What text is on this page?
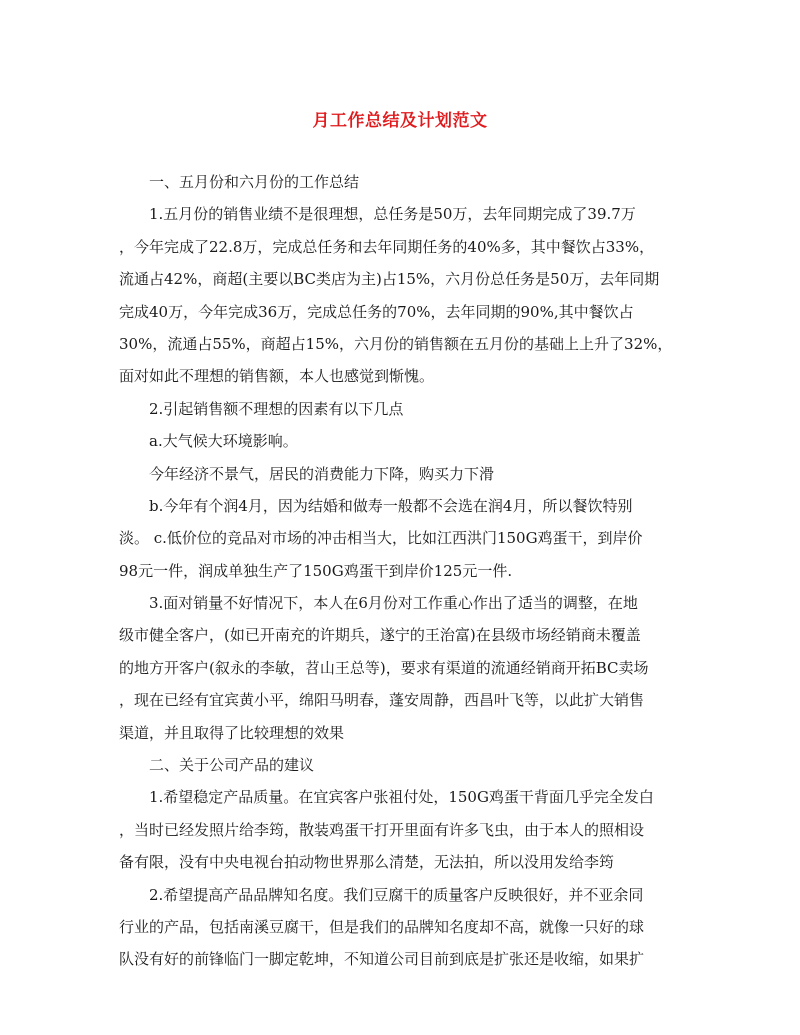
月工作总结及计划范文
一、五月份和六月份的工作总结
1.五月份的销售业绩不是很理想，总任务是50万，去年同期完成了39.7万
，今年完成了22.8万，完成总任务和去年同期任务的40%多，其中餐饮占33%，
流通占42%，商超(主要以BC类店为主)占15%，六月份总任务是50万，去年同期
完成40万，今年完成36万，完成总任务的70%，去年同期的90%,其中餐饮占
30%，流通占55%，商超占15%，六月份的销售额在五月份的基础上上升了32%，
面对如此不理想的销售额，本人也感觉到惭愧。
2.引起销售额不理想的因素有以下几点
a.大气候大环境影响。
今年经济不景气，居民的消费能力下降，购买力下滑
b.今年有个润4月，因为结婚和做寿一般都不会选在润4月，所以餐饮特别
淡。 c.低价位的竞品对市场的冲击相当大，比如江西洪门150G鸡蛋干，到岸价
98元一件，润成单独生产了150G鸡蛋干到岸价125元一件.
3.面对销量不好情况下，本人在6月份对工作重心作出了适当的调整，在地
级市健全客户，(如已开南充的许期兵，遂宁的王治富)在县级市场经销商未覆盖
的地方开客户(叙永的李敏，苕山王总等)，要求有渠道的流通经销商开拓BC卖场
，现在已经有宜宾黄小平，绵阳马明春，蓬安周静，西昌叶飞等，以此扩大销售
渠道，并且取得了比较理想的效果
二、关于公司产品的建议
1.希望稳定产品质量。在宜宾客户张祖付处，150G鸡蛋干背面几乎完全发白
，当时已经发照片给李筠，散装鸡蛋干打开里面有许多飞虫，由于本人的照相设
备有限，没有中央电视台拍动物世界那么清楚，无法拍，所以没用发给李筠
2.希望提高产品品牌知名度。我们豆腐干的质量客户反映很好，并不亚余同
行业的产品，包括南溪豆腐干，但是我们的品牌知名度却不高，就像一只好的球
队没有好的前锋临门一脚定乾坤，不知道公司目前到底是扩张还是收缩，如果扩
